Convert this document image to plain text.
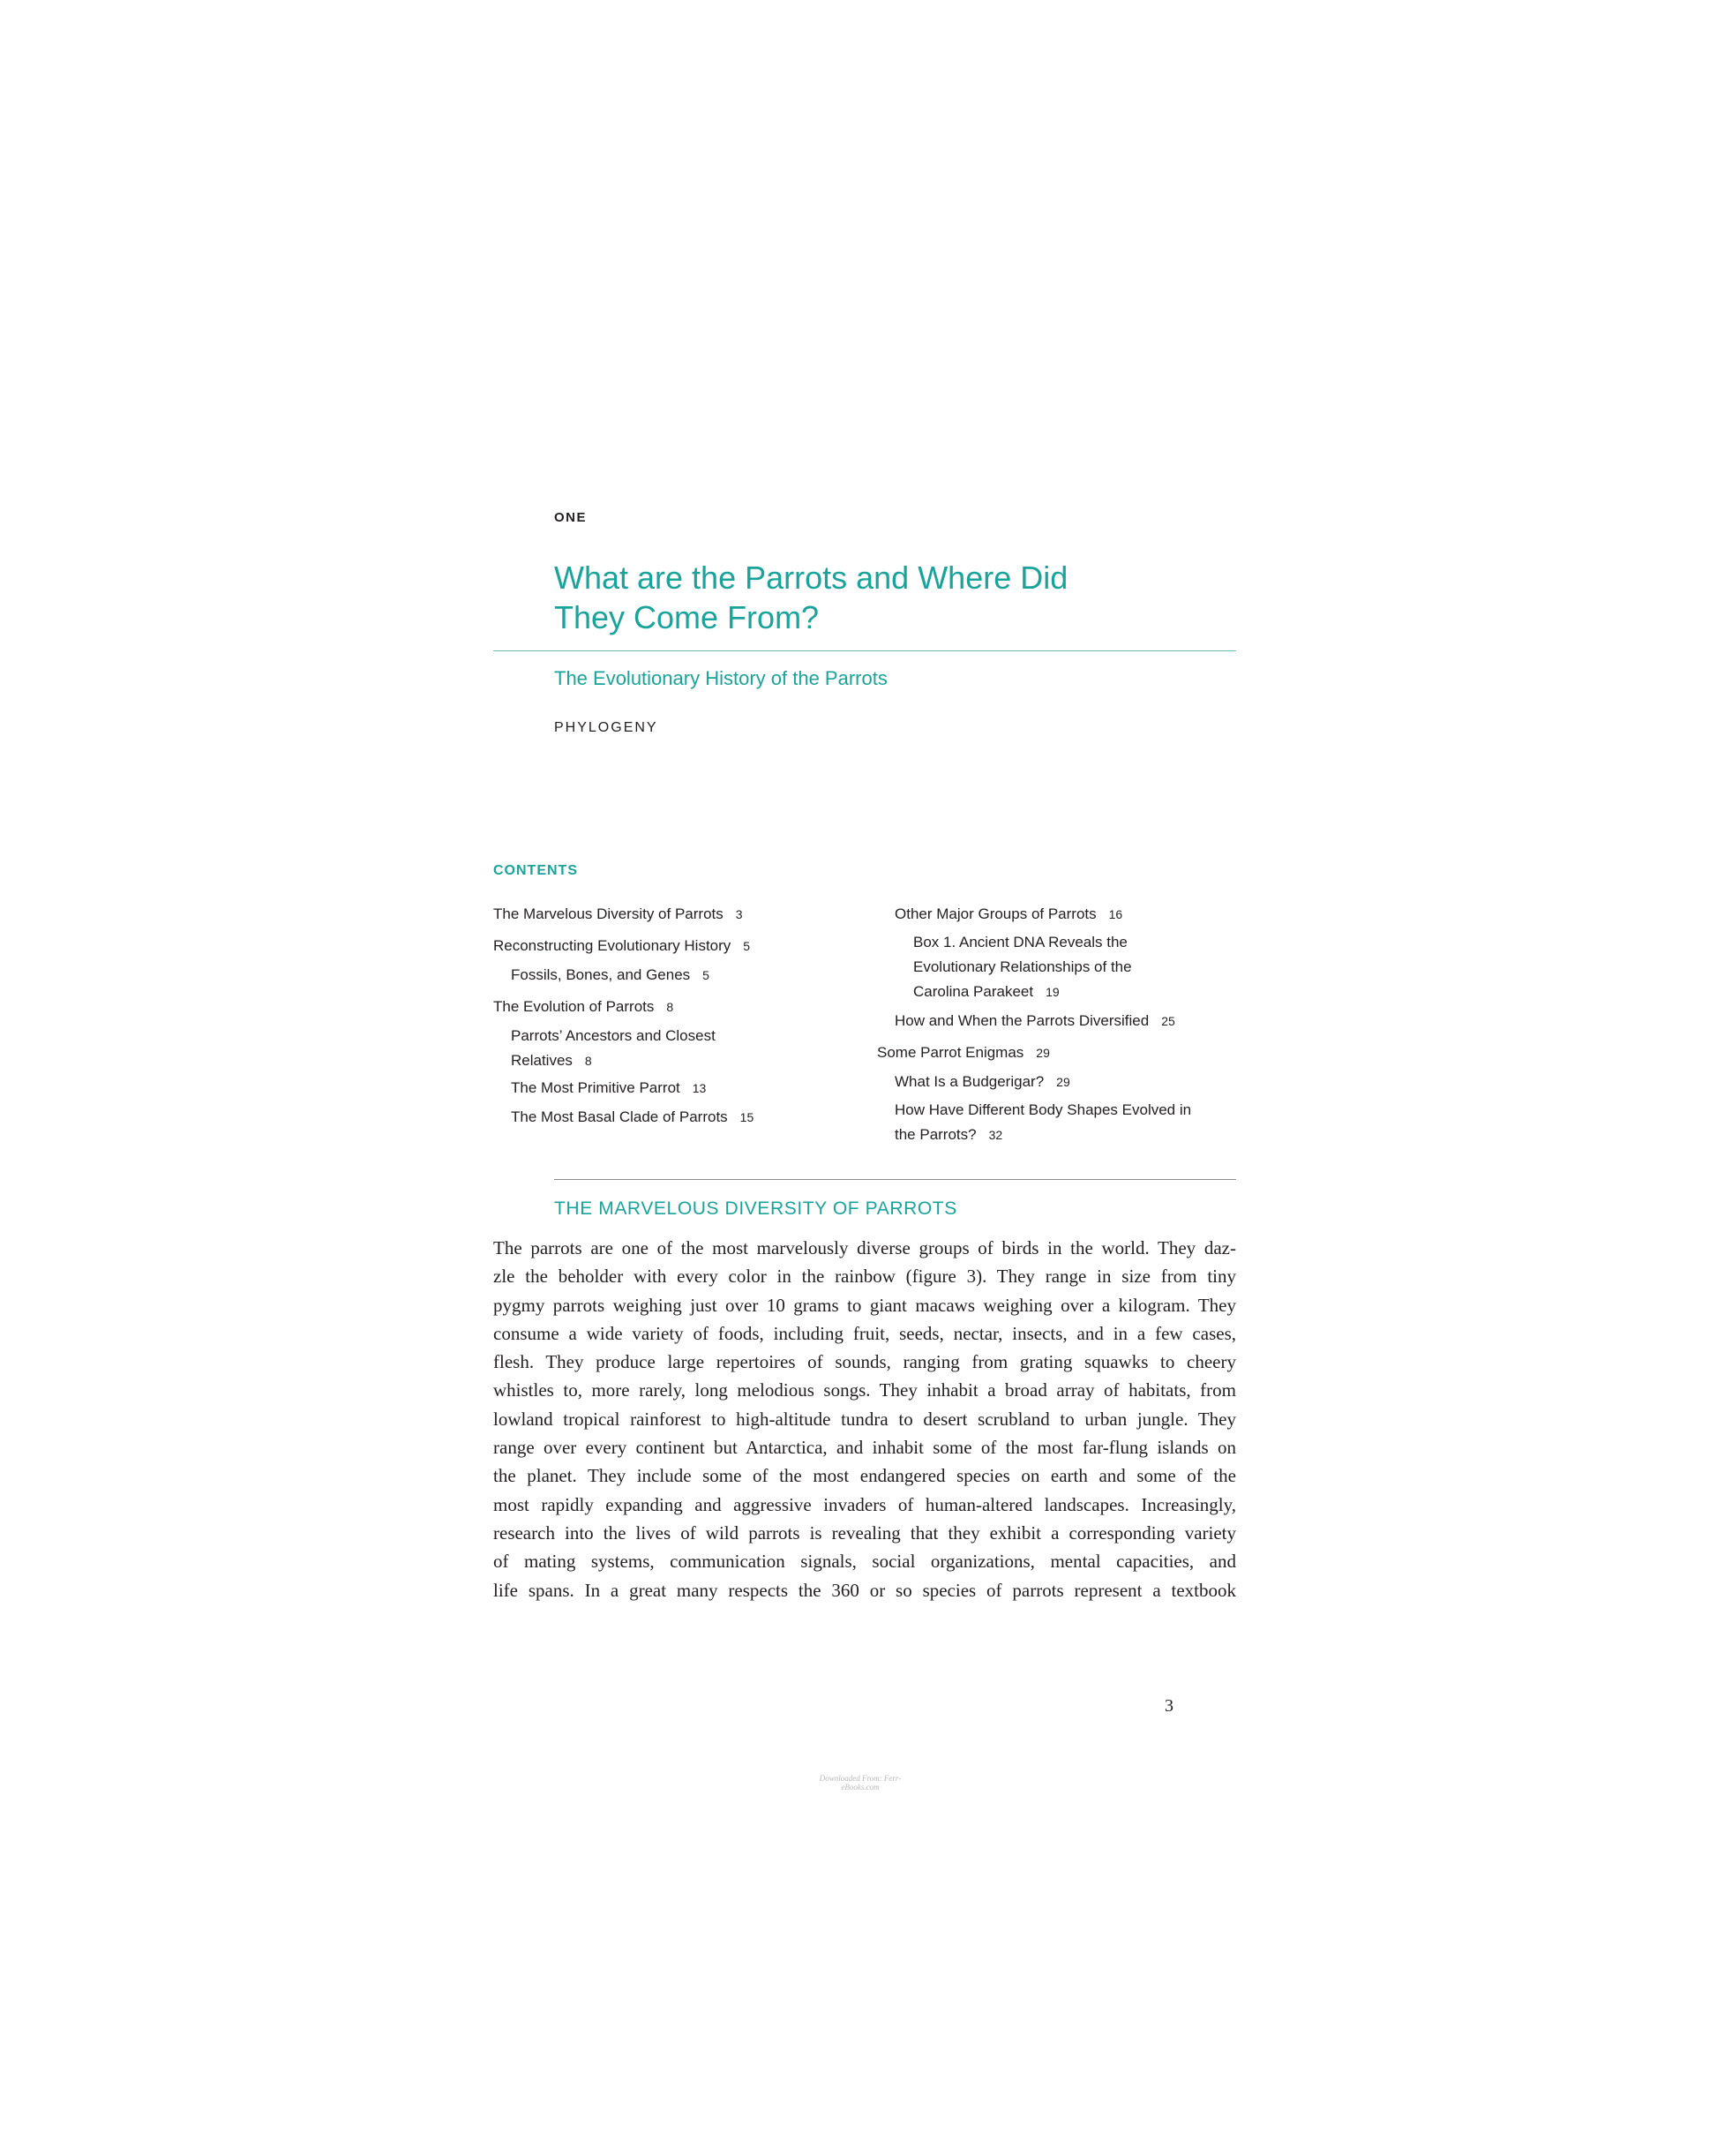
ONE
What are the Parrots and Where Did
They Come From?
The Evolutionary History of the Parrots
PHYLOGENY
CONTENTS
The Marvelous Diversity of Parrots 3
Reconstructing Evolutionary History 5
Fossils, Bones, and Genes 5
The Evolution of Parrots 8
Parrots’ Ancestors and Closest
Relatives 8
The Most Primitive Parrot 13
The Most Basal Clade of Parrots 15
Other Major Groups of Parrots 16
Box 1. Ancient DNA Reveals the
Evolutionary Relationships of the
Carolina Parakeet 19
How and When the Parrots Diversified 25
Some Parrot Enigmas 29
What Is a Budgerigar? 29
How Have Different Body Shapes Evolved in
the Parrots? 32
THE MARVELOUS DIVERSITY OF PARROTS
The parrots are one of the most marvelously diverse groups of birds in the world. They daz-
zle the beholder with every color in the rainbow (figure 3). They range in size from tiny
pygmy parrots weighing just over 10 grams to giant macaws weighing over a kilogram. They
consume a wide variety of foods, including fruit, seeds, nectar, insects, and in a few cases,
flesh. They produce large repertoires of sounds, ranging from grating squawks to cheery
whistles to, more rarely, long melodious songs. They inhabit a broad array of habitats, from
lowland tropical rainforest to high-altitude tundra to desert scrubland to urban jungle. They
range over every continent but Antarctica, and inhabit some of the most far-flung islands on
the planet. They include some of the most endangered species on earth and some of the
most rapidly expanding and aggressive invaders of human-altered landscapes. Increasingly,
research into the lives of wild parrots is revealing that they exhibit a corresponding variety
of mating systems, communication signals, social organizations, mental capacities, and
life spans. In a great many respects the 360 or so species of parrots represent a textbook
3
Downloaded From: Ferr-eBooks.com
